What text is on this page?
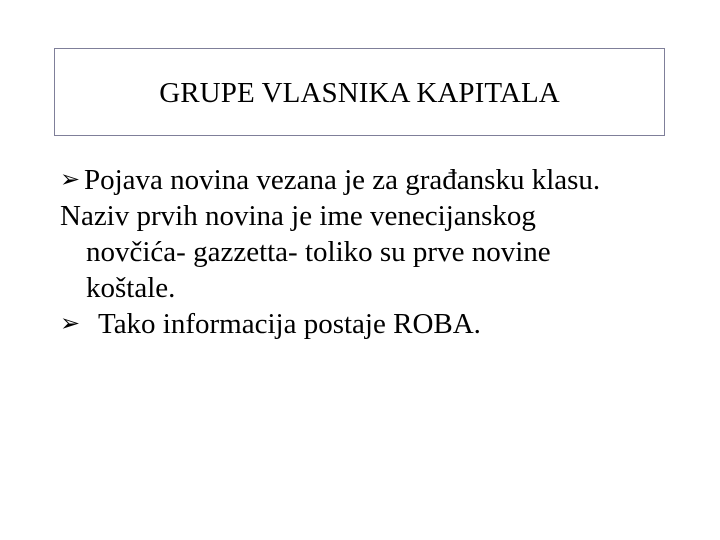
GRUPE VLASNIKA KAPITALA
➢ Pojava novina vezana je za građansku klasu.
Naziv prvih novina je ime venecijanskog
novčića- gazzetta- toliko su prve novine
koštale.
➢ Tako informacija postaje ROBA.
